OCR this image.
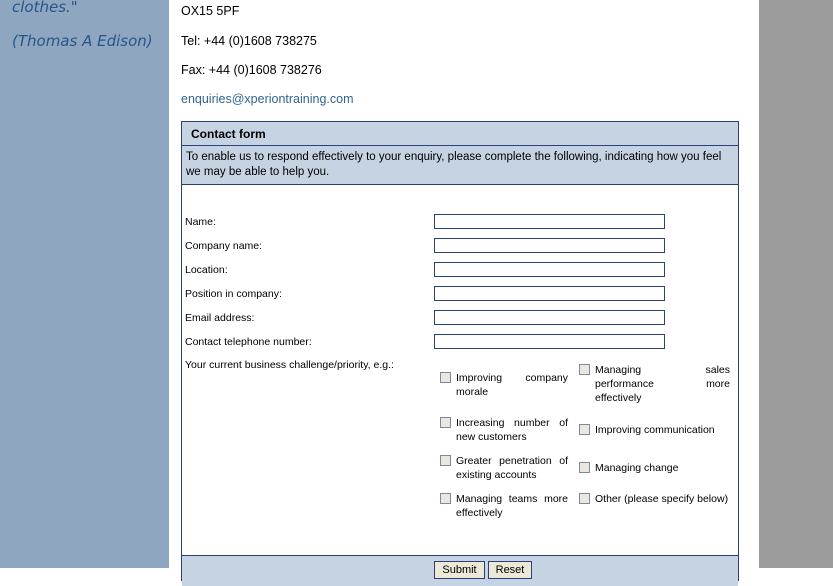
clothes."
(Thomas A Edison)
OX15 5PF
Tel: +44 (0)1608 738275
Fax: +44 (0)1608 738276
enquiries@xperiontraining.com
Contact form
To enable us to respond effectively to your enquiry, please complete the following, indicating how you feel we may be able to help you.
Name:
Company name:
Location:
Position in company:
Email address:
Contact telephone number:
Your current business challenge/priority, e.g.:
Improving company morale
Managing sales performance more effectively
Increasing number of new customers
Improving communication
Greater penetration of existing accounts
Managing change
Managing teams more effectively
Other (please specify below)
Submit	Reset
